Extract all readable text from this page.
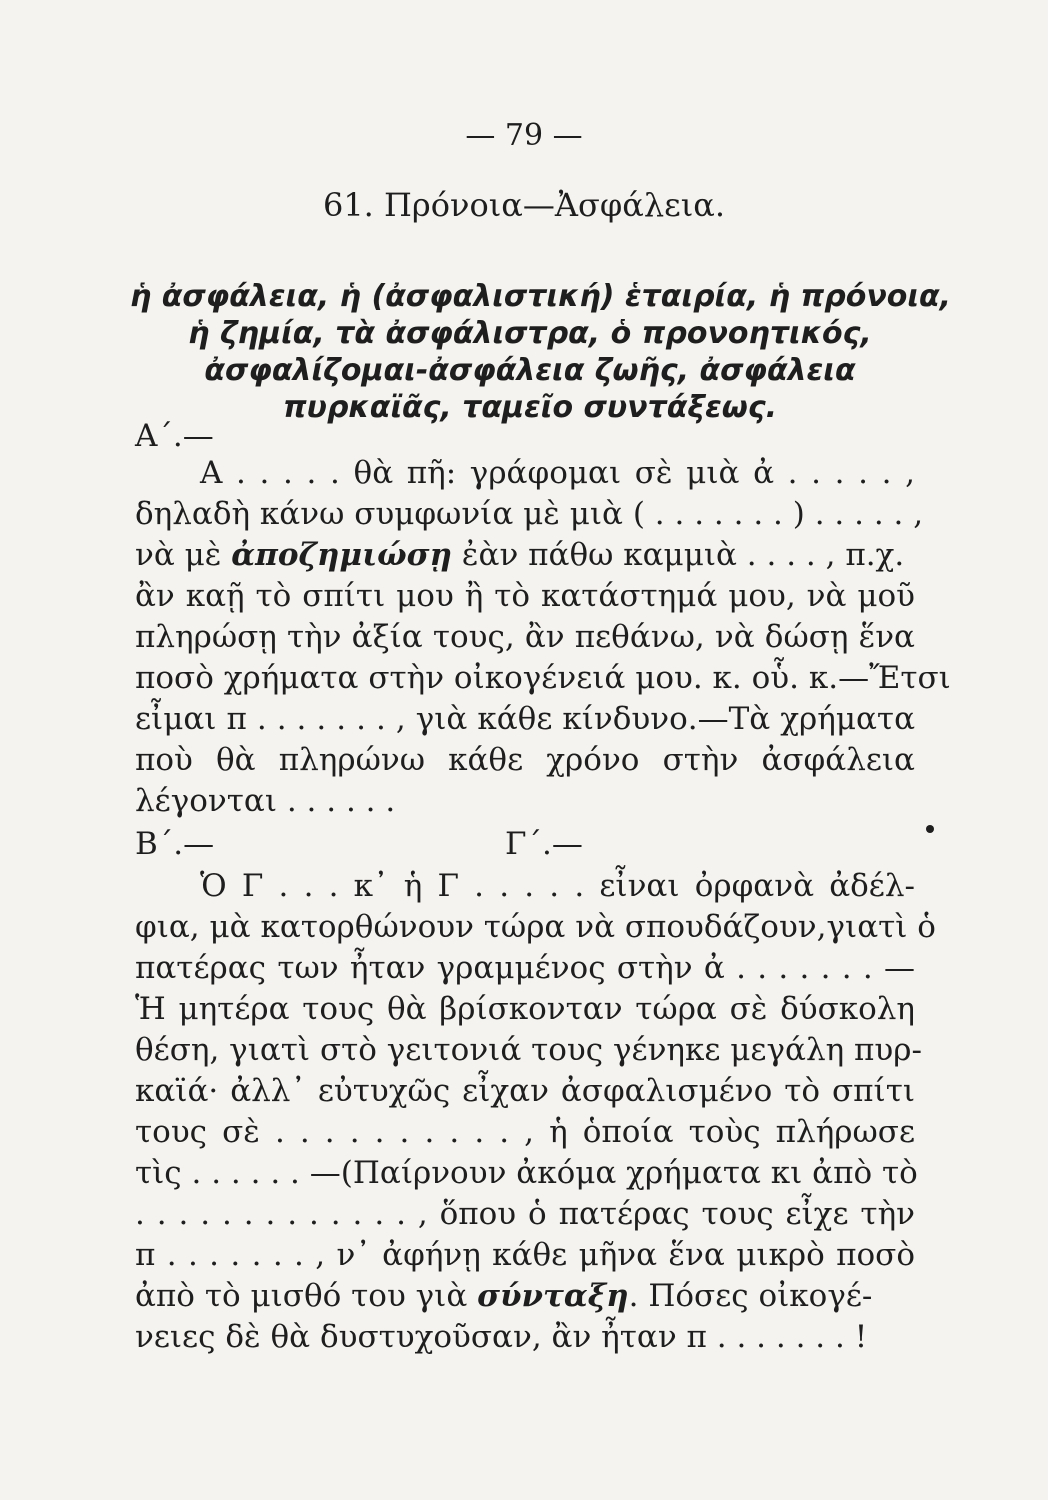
— 79 —
61. Πρόνοια—Ἀσφάλεια.
ἡ ἀσφάλεια, ἡ (ἀσφαλιστική) ἑταιρία, ἡ πρόνοια,
ἡ ζημία, τὰ ἀσφάλιστρα, ὁ προνοητικός,
ἀσφαλίζομαι-ἀσφάλεια ζωῆς, ἀσφάλεια
πυρκαϊᾶς, ταμεῖο συντάξεως.
Α΄.—
Α . . . . . θὰ πῆ: γράφομαι σὲ μιὰ ἀ . . . . . ,
δηλαδὴ κάνω συμφωνία μὲ μιὰ ( . . . . . . . ) . . . . . ,
νὰ μὲ ἀποζημιώσῃ ἐὰν πάθω καμμιὰ . . . . , π.χ.
ἂν καῇ τὸ σπίτι μου ἢ τὸ κατάστημά μου, νὰ μοῦ
πληρώσῃ τὴν ἀξία τους, ἂν πεθάνω, νὰ δώσῃ ἕνα
ποσὸ χρήματα στὴν οἰκογένειά μου. κ. οὗ. κ.—Ἔτσι
εἶμαι π . . . . . . . , γιὰ κάθε κίνδυνο.—Τὰ χρήματα
ποὺ θὰ πληρώνω κάθε χρόνο στὴν ἀσφάλεια
λέγονται . . . . . .
Β΄.—	Γ΄.—
Ὁ Γ . . . κ᾽ ἡ Γ . . . . . εἶναι ὀρφανὰ ἀδέλ-
φια, μὰ κατορθώνουν τώρα νὰ σπουδάζουν,γιατὶ ὁ
πατέρας των ἦταν γραμμένος στὴν ἀ . . . . . . . —
Ἡ μητέρα τους θὰ βρίσκονταν τώρα σὲ δύσκολη
θέση, γιατὶ στὸ γειτονιά τους γένηκε μεγάλη πυρ-
καϊά· ἀλλ᾽ εὐτυχῶς εἶχαν ἀσφαλισμένο τὸ σπίτι
τους σὲ . . . . . . . . . . , ἡ ὁποία τοὺς πλήρωσε
τὶς . . . . . . —(Παίρνουν ἀκόμα χρήματα κι ἀπὸ τὸ
. . . . . . . . . . . . . , ὅπου ὁ πατέρας τους εἶχε τὴν
π . . . . . . . , ν᾽ ἀφήνῃ κάθε μῆνα ἕνα μικρὸ ποσὸ
ἀπὸ τὸ μισθό του γιὰ σύνταξη. Πόσες οἰκογέ-
νειες δὲ θὰ δυστυχοῦσαν, ἂν ἦταν π . . . . . . . !
